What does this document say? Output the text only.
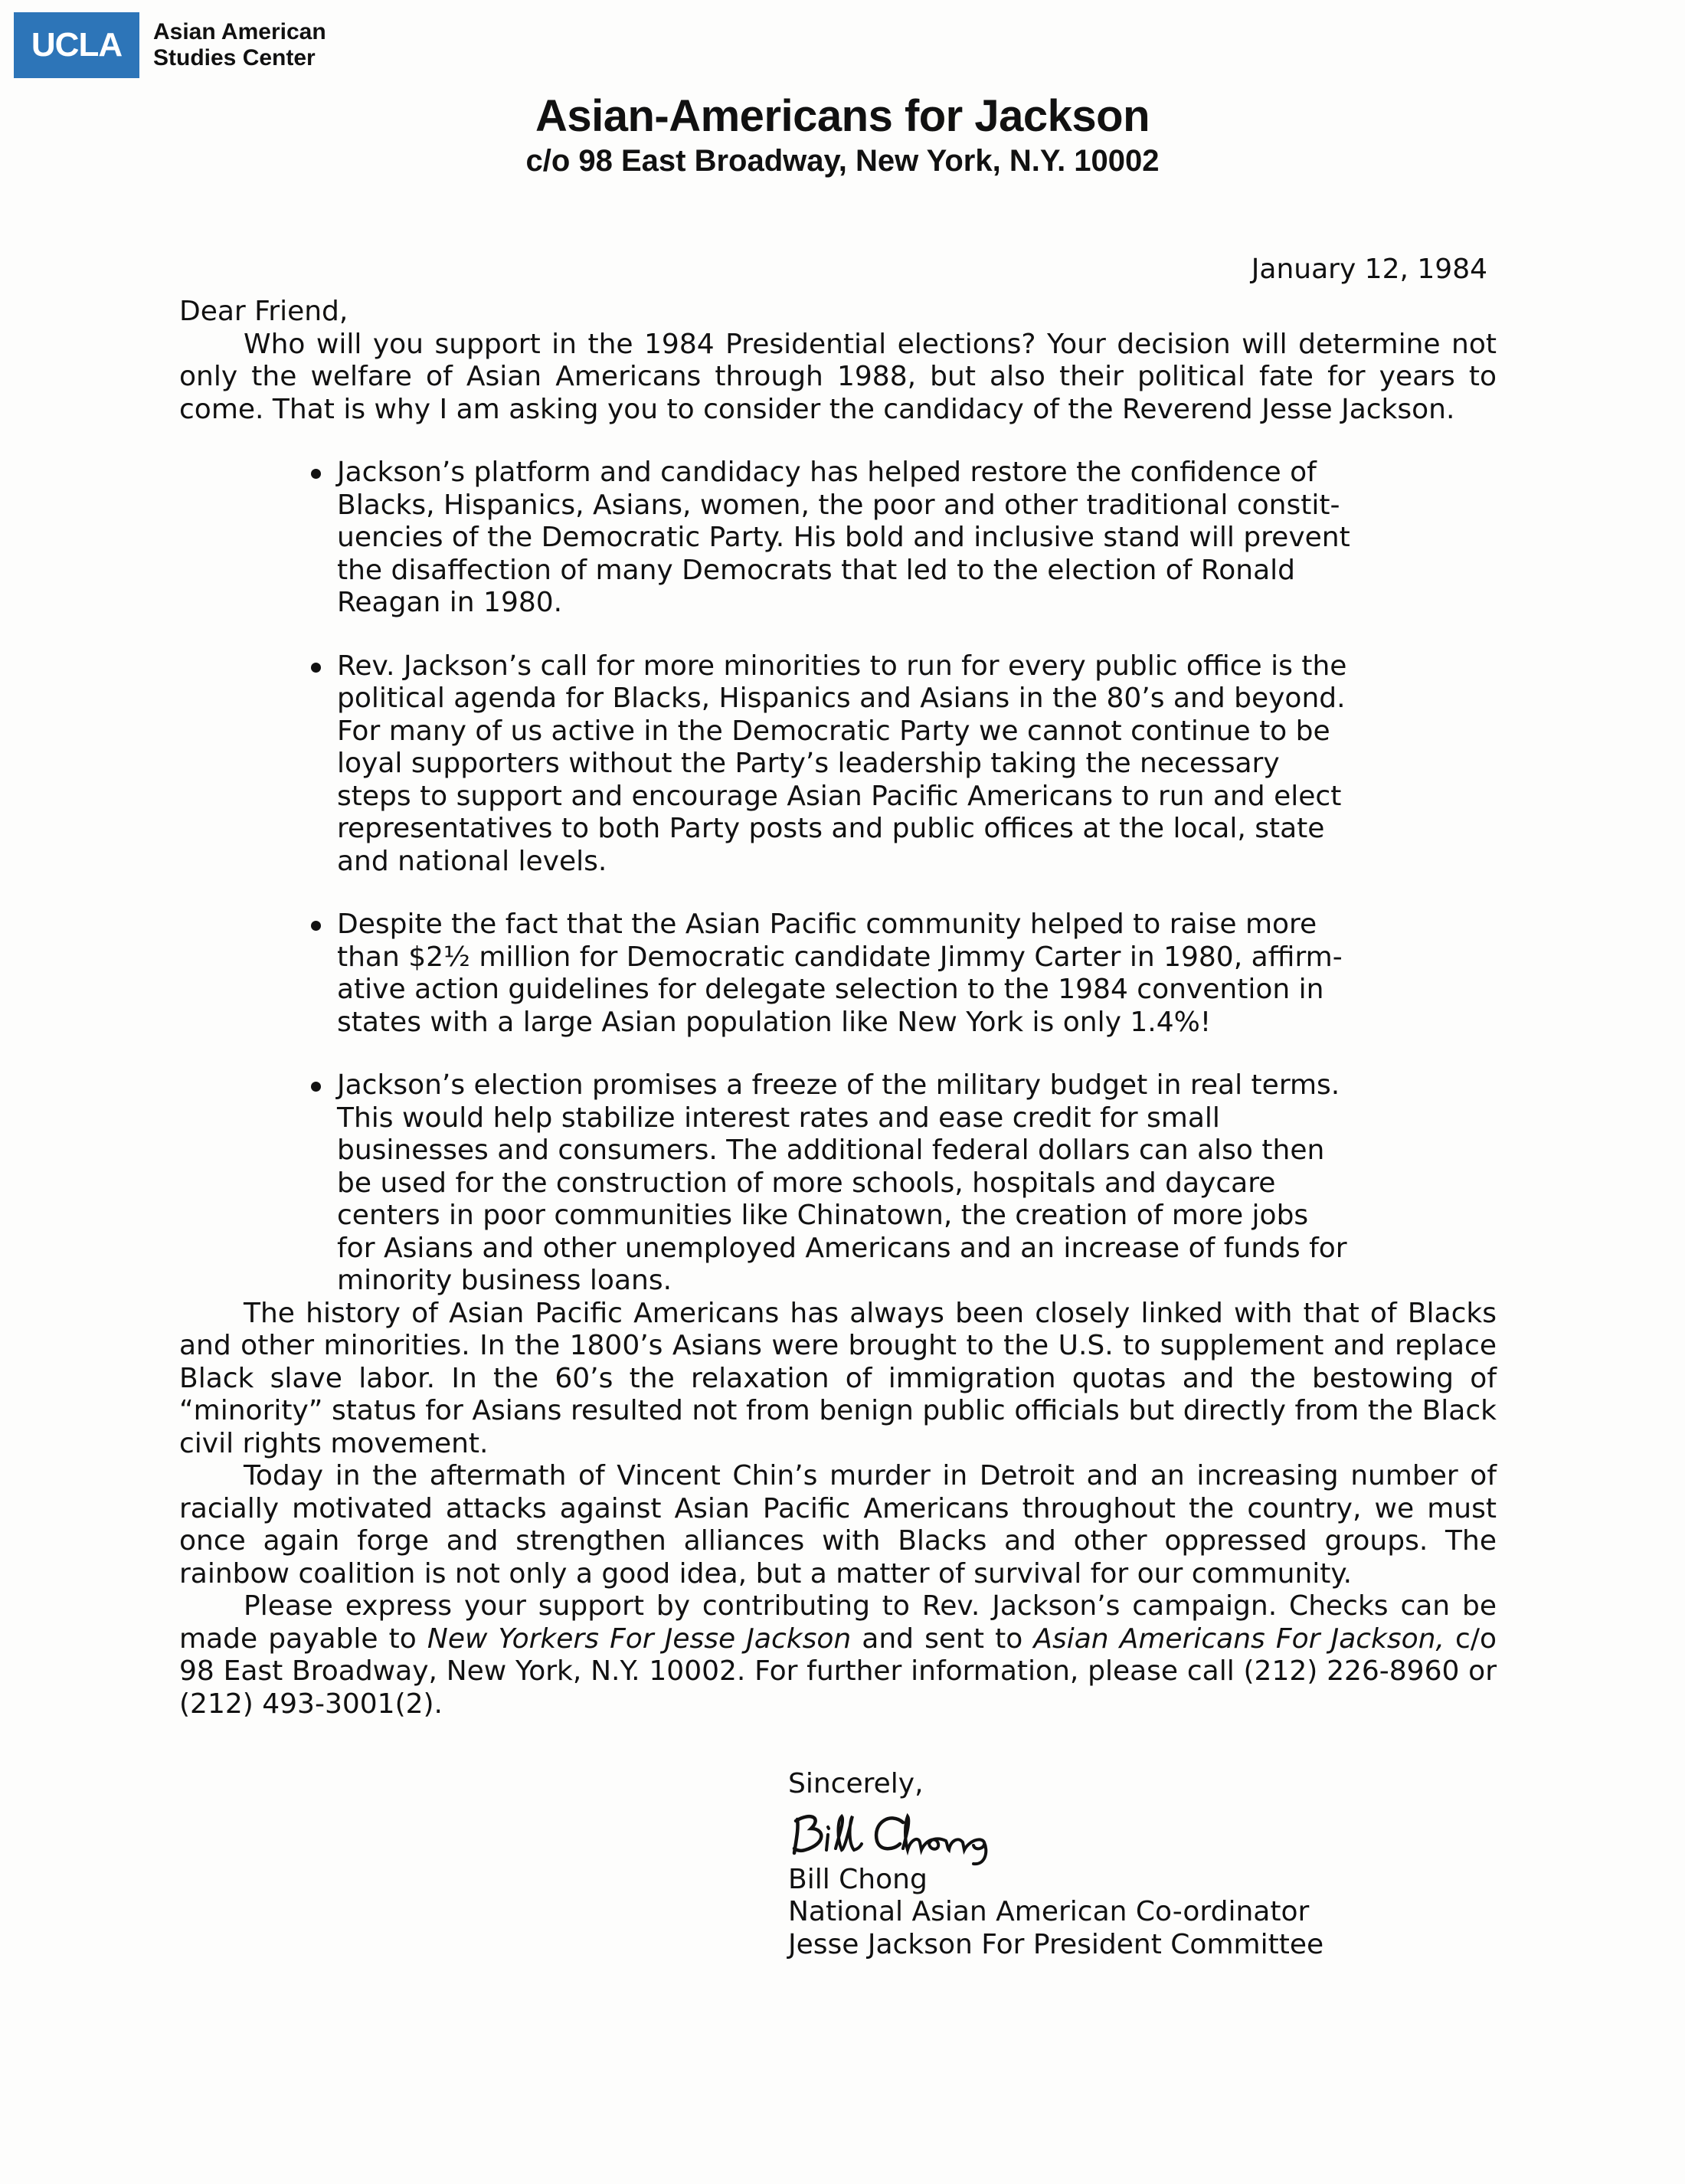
UCLA	Asian American
Studies Center
Asian-Americans for Jackson
c/o 98 East Broadway, New York, N.Y. 10002
January 12, 1984

Dear Friend,

Who will you support in the 1984 Presidential elections? Your decision will determine not only the welfare of Asian Americans through 1988, but also their political fate for years to come. That is why I am asking you to consider the candidacy of the Reverend Jesse Jackson.

Jackson’s platform and candidacy has helped restore the confidence of Blacks, Hispanics, Asians, women, the poor and other traditional constit-uencies of the Democratic Party. His bold and inclusive stand will prevent the disaffection of many Democrats that led to the election of Ronald Reagan in 1980.
Rev. Jackson’s call for more minorities to run for every public office is the political agenda for Blacks, Hispanics and Asians in the 80’s and beyond. For many of us active in the Democratic Party we cannot continue to be loyal supporters without the Party’s leadership taking the necessary steps to support and encourage Asian Pacific Americans to run and elect representatives to both Party posts and public offices at the local, state and national levels.
Despite the fact that the Asian Pacific community helped to raise more than $2½ million for Democratic candidate Jimmy Carter in 1980, affirm-ative action guidelines for delegate selection to the 1984 convention in states with a large Asian population like New York is only 1.4%!
Jackson’s election promises a freeze of the military budget in real terms. This would help stabilize interest rates and ease credit for small businesses and consumers. The additional federal dollars can also then be used for the construction of more schools, hospitals and daycare centers in poor communities like Chinatown, the creation of more jobs for Asians and other unemployed Americans and an increase of funds for minority business loans.

The history of Asian Pacific Americans has always been closely linked with that of Blacks and other minorities. In the 1800’s Asians were brought to the U.S. to supplement and replace Black slave labor. In the 60’s the relaxation of immigration quotas and the bestowing of “minority” status for Asians resulted not from benign public officials but directly from the Black civil rights movement.

Today in the aftermath of Vincent Chin’s murder in Detroit and an increasing number of racially motivated attacks against Asian Pacific Americans throughout the country, we must once again forge and strengthen alliances with Blacks and other oppressed groups. The rainbow coalition is not only a good idea, but a matter of survival for our community.

Please express your support by contributing to Rev. Jackson’s campaign. Checks can be made payable to New Yorkers For Jesse Jackson and sent to Asian Americans For Jackson, c/o 98 East Broadway, New York, N.Y. 10002. For further information, please call (212) 226-8960 or (212) 493-3001(2).

Sincerely,
Bill Chong
National Asian American Co-ordinator
Jesse Jackson For President Committee
